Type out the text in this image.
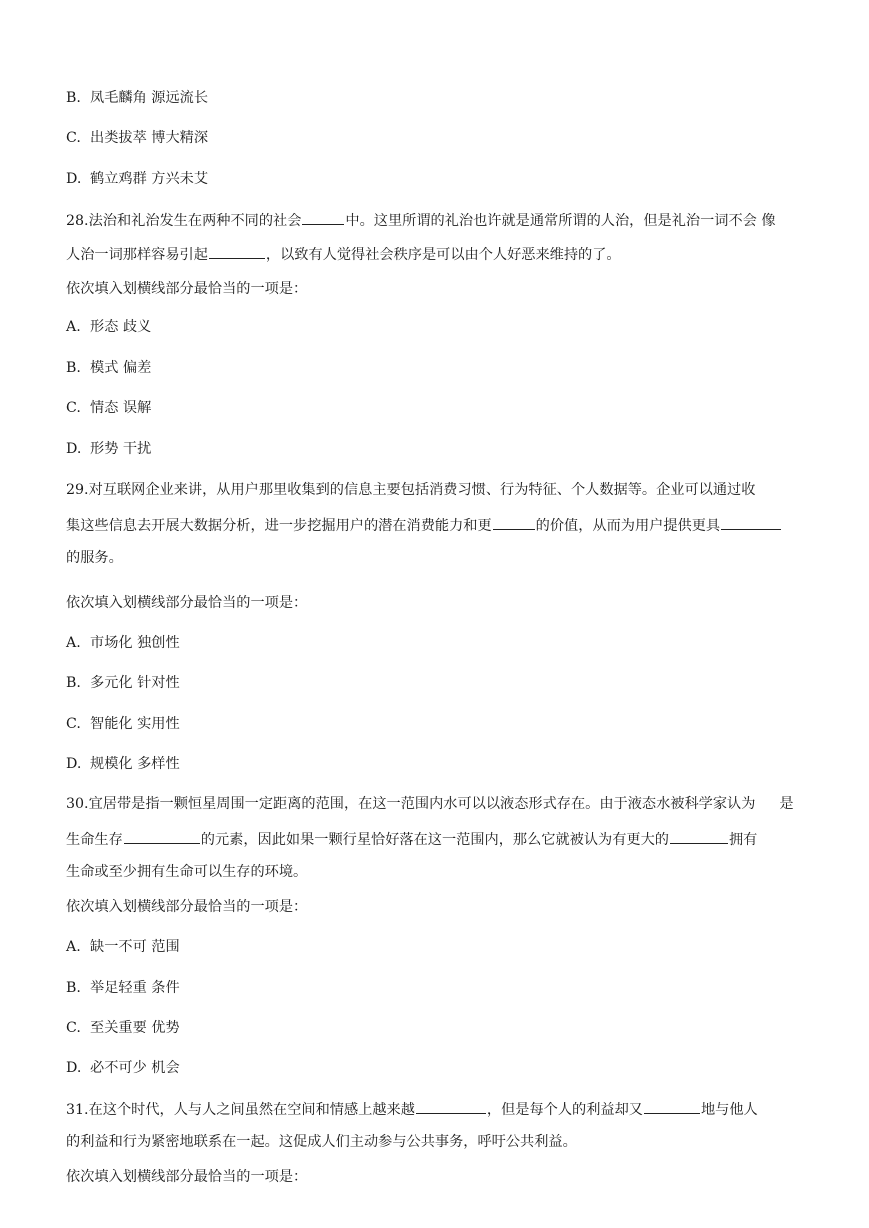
B. 凤毛麟角 源远流长
C. 出类拔萃 博大精深
D. 鹤立鸡群 方兴未艾
28.法治和礼治发生在两种不同的社会	中。这里所谓的礼治也许就是通常所谓的人治，但是礼治一词不会 像
人治一词那样容易引起	，以致有人觉得社会秩序是可以由个人好恶来维持的了。
依次填入划横线部分最恰当的一项是：
A. 形态 歧义
B. 模式 偏差
C. 情态 误解
D. 形势 干扰
29.对互联网企业来讲，从用户那里收集到的信息主要包括消费习惯、行为特征、个人数据等。企业可以通过收
集这些信息去开展大数据分析，进一步挖掘用户的潜在消费能力和更	的价值，从而为用户提供更具
的服务。
依次填入划横线部分最恰当的一项是：
A. 市场化 独创性
B. 多元化 针对性
C. 智能化 实用性
D. 规模化 多样性
30.宜居带是指一颗恒星周围一定距离的范围，在这一范围内水可以以液态形式存在。由于液态水被科学家认为 是
生命生存	的元素，因此如果一颗行星恰好落在这一范围内，那么它就被认为有更大的	拥有
生命或至少拥有生命可以生存的环境。
依次填入划横线部分最恰当的一项是：
A. 缺一不可 范围
B. 举足轻重 条件
C. 至关重要 优势
D. 必不可少 机会
31.在这个时代，人与人之间虽然在空间和情感上越来越	，但是每个人的利益却又	地与他人
的利益和行为紧密地联系在一起。这促成人们主动参与公共事务，呼吁公共利益。
依次填入划横线部分最恰当的一项是：
